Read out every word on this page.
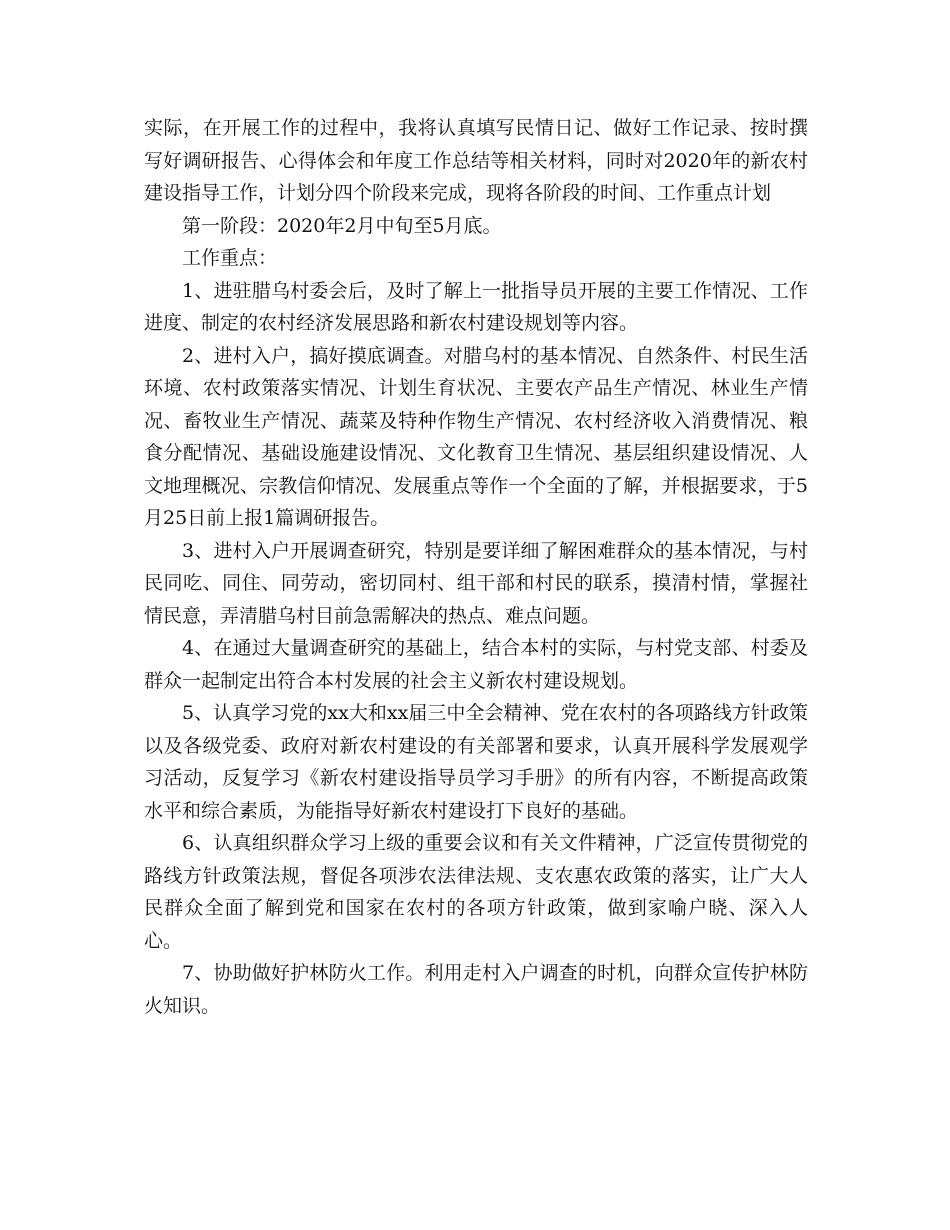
实际，在开展工作的过程中，我将认真填写民情日记、做好工作记录、按时撰写好调研报告、心得体会和年度工作总结等相关材料，同时对2020年的新农村建设指导工作，计划分四个阶段来完成，现将各阶段的时间、工作重点计划

第一阶段：2020年2月中旬至5月底。

工作重点：

1、进驻腊乌村委会后，及时了解上一批指导员开展的主要工作情况、工作进度、制定的农村经济发展思路和新农村建设规划等内容。

2、进村入户，搞好摸底调查。对腊乌村的基本情况、自然条件、村民生活环境、农村政策落实情况、计划生育状况、主要农产品生产情况、林业生产情况、畜牧业生产情况、蔬菜及特种作物生产情况、农村经济收入消费情况、粮食分配情况、基础设施建设情况、文化教育卫生情况、基层组织建设情况、人文地理概况、宗教信仰情况、发展重点等作一个全面的了解，并根据要求，于5月25日前上报1篇调研报告。

3、进村入户开展调查研究，特别是要详细了解困难群众的基本情况，与村民同吃、同住、同劳动，密切同村、组干部和村民的联系，摸清村情，掌握社情民意，弄清腊乌村目前急需解决的热点、难点问题。

4、在通过大量调查研究的基础上，结合本村的实际，与村党支部、村委及群众一起制定出符合本村发展的社会主义新农村建设规划。

5、认真学习党的xx大和xx届三中全会精神、党在农村的各项路线方针政策以及各级党委、政府对新农村建设的有关部署和要求，认真开展科学发展观学习活动，反复学习《新农村建设指导员学习手册》的所有内容，不断提高政策水平和综合素质，为能指导好新农村建设打下良好的基础。

6、认真组织群众学习上级的重要会议和有关文件精神，广泛宣传贯彻党的路线方针政策法规，督促各项涉农法律法规、支农惠农政策的落实，让广大人民群众全面了解到党和国家在农村的各项方针政策，做到家喻户晓、深入人心。

7、协助做好护林防火工作。利用走村入户调查的时机，向群众宣传护林防火知识。
